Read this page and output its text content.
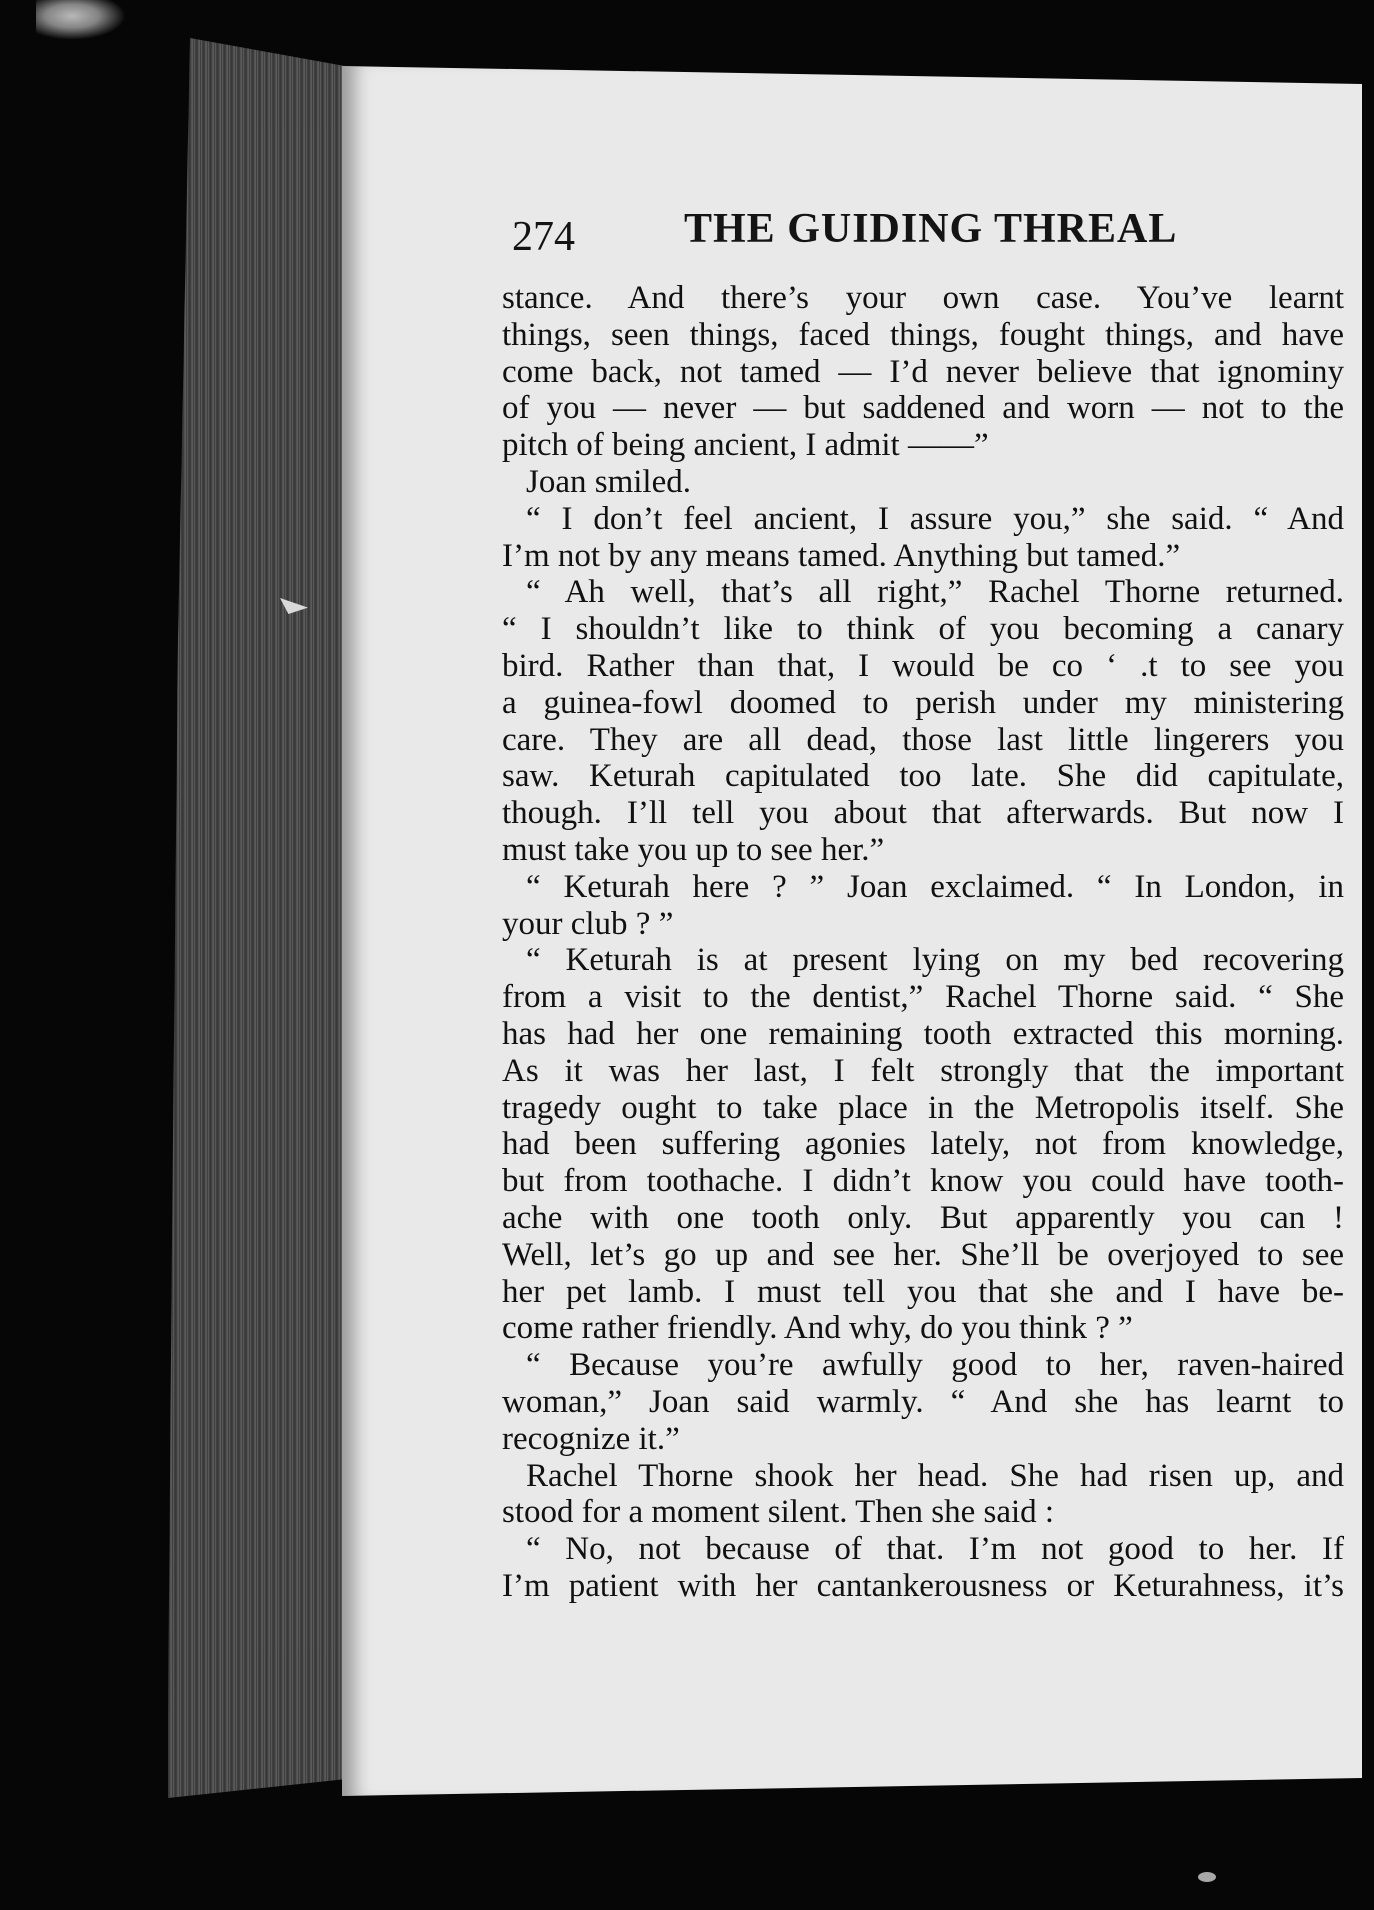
274	THE GUIDING THREAL
stance. And there’s your own case. You’ve learnt
things, seen things, faced things, fought things, and have
come back, not tamed — I’d never believe that ignominy
of you — never — but saddened and worn — not to the
pitch of being ancient, I admit ——”
Joan smiled.
“ I don’t feel ancient, I assure you,” she said. “ And
I’m not by any means tamed. Anything but tamed.”
“ Ah well, that’s all right,” Rachel Thorne returned.
“ I shouldn’t like to think of you becoming a canary
bird. Rather than that, I would be co ‘ .t to see you
a guinea-fowl doomed to perish under my ministering
care. They are all dead, those last little lingerers you
saw. Keturah capitulated too late. She did capitulate,
though. I’ll tell you about that afterwards. But now I
must take you up to see her.”
“ Keturah here ? ” Joan exclaimed. “ In London, in
your club ? ”
“ Keturah is at present lying on my bed recovering
from a visit to the dentist,” Rachel Thorne said. “ She
has had her one remaining tooth extracted this morning.
As it was her last, I felt strongly that the important
tragedy ought to take place in the Metropolis itself. She
had been suffering agonies lately, not from knowledge,
but from toothache. I didn’t know you could have tooth-
ache with one tooth only. But apparently you can !
Well, let’s go up and see her. She’ll be overjoyed to see
her pet lamb. I must tell you that she and I have be-
come rather friendly. And why, do you think ? ”
“ Because you’re awfully good to her, raven-haired
woman,” Joan said warmly. “ And she has learnt to
recognize it.”
Rachel Thorne shook her head. She had risen up, and
stood for a moment silent. Then she said :
“ No, not because of that. I’m not good to her. If
I’m patient with her cantankerousness or Keturahness, it’s
